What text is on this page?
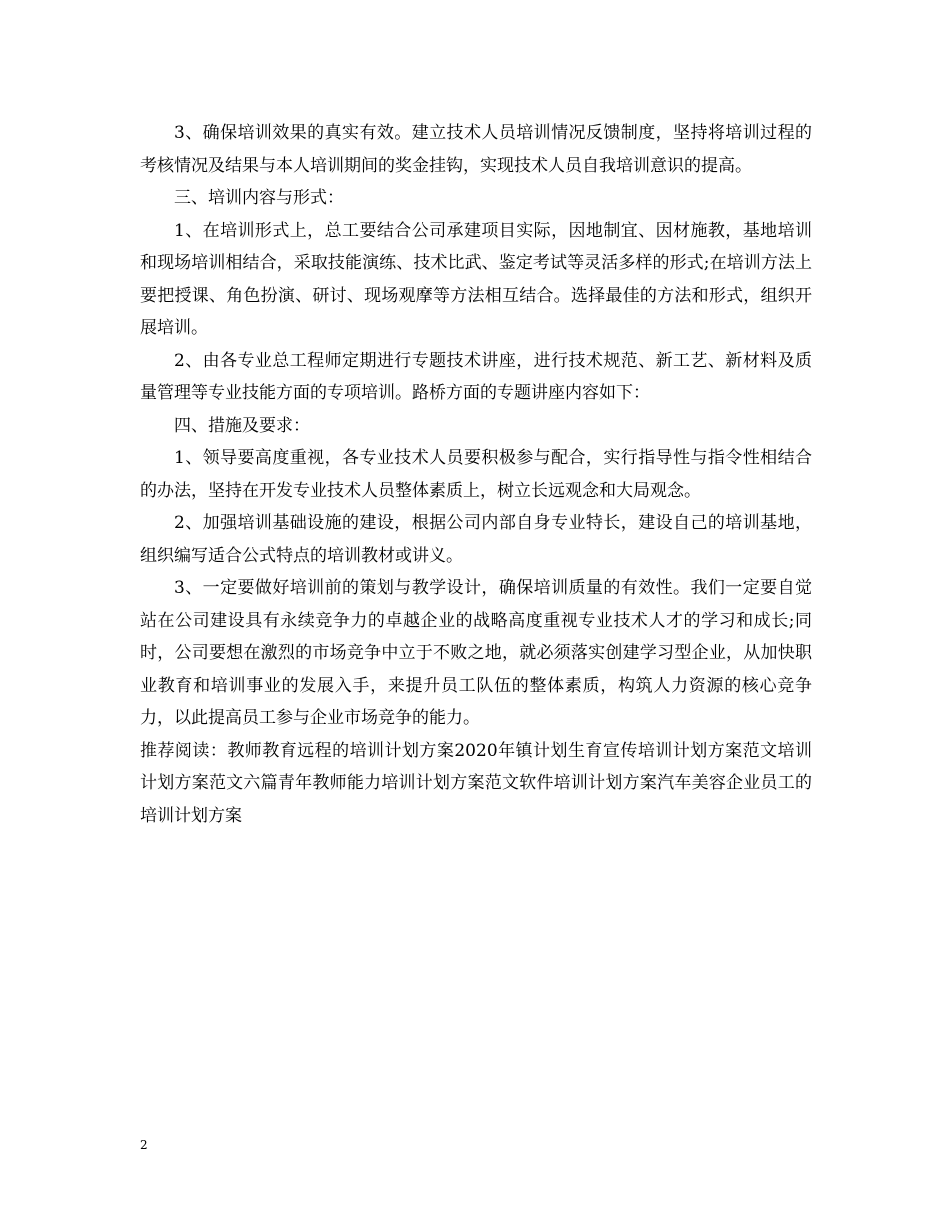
3、确保培训效果的真实有效。建立技术人员培训情况反馈制度，坚持将培训过程的考核情况及结果与本人培训期间的奖金挂钩，实现技术人员自我培训意识的提高。

三、培训内容与形式：

1、在培训形式上，总工要结合公司承建项目实际，因地制宜、因材施教，基地培训和现场培训相结合，采取技能演练、技术比武、鉴定考试等灵活多样的形式;在培训方法上要把授课、角色扮演、研讨、现场观摩等方法相互结合。选择最佳的方法和形式，组织开展培训。

2、由各专业总工程师定期进行专题技术讲座，进行技术规范、新工艺、新材料及质量管理等专业技能方面的专项培训。路桥方面的专题讲座内容如下：

四、措施及要求：

1、领导要高度重视，各专业技术人员要积极参与配合，实行指导性与指令性相结合的办法，坚持在开发专业技术人员整体素质上，树立长远观念和大局观念。

2、加强培训基础设施的建设，根据公司内部自身专业特长，建设自己的培训基地，组织编写适合公式特点的培训教材或讲义。

3、一定要做好培训前的策划与教学设计，确保培训质量的有效性。我们一定要自觉站在公司建设具有永续竞争力的卓越企业的战略高度重视专业技术人才的学习和成长;同时，公司要想在激烈的市场竞争中立于不败之地，就必须落实创建学习型企业，从加快职业教育和培训事业的发展入手，来提升员工队伍的整体素质，构筑人力资源的核心竞争力，以此提高员工参与企业市场竞争的能力。

推荐阅读：教师教育远程的培训计划方案2020年镇计划生育宣传培训计划方案范文培训计划方案范文六篇青年教师能力培训计划方案范文软件培训计划方案汽车美容企业员工的培训计划方案

2
